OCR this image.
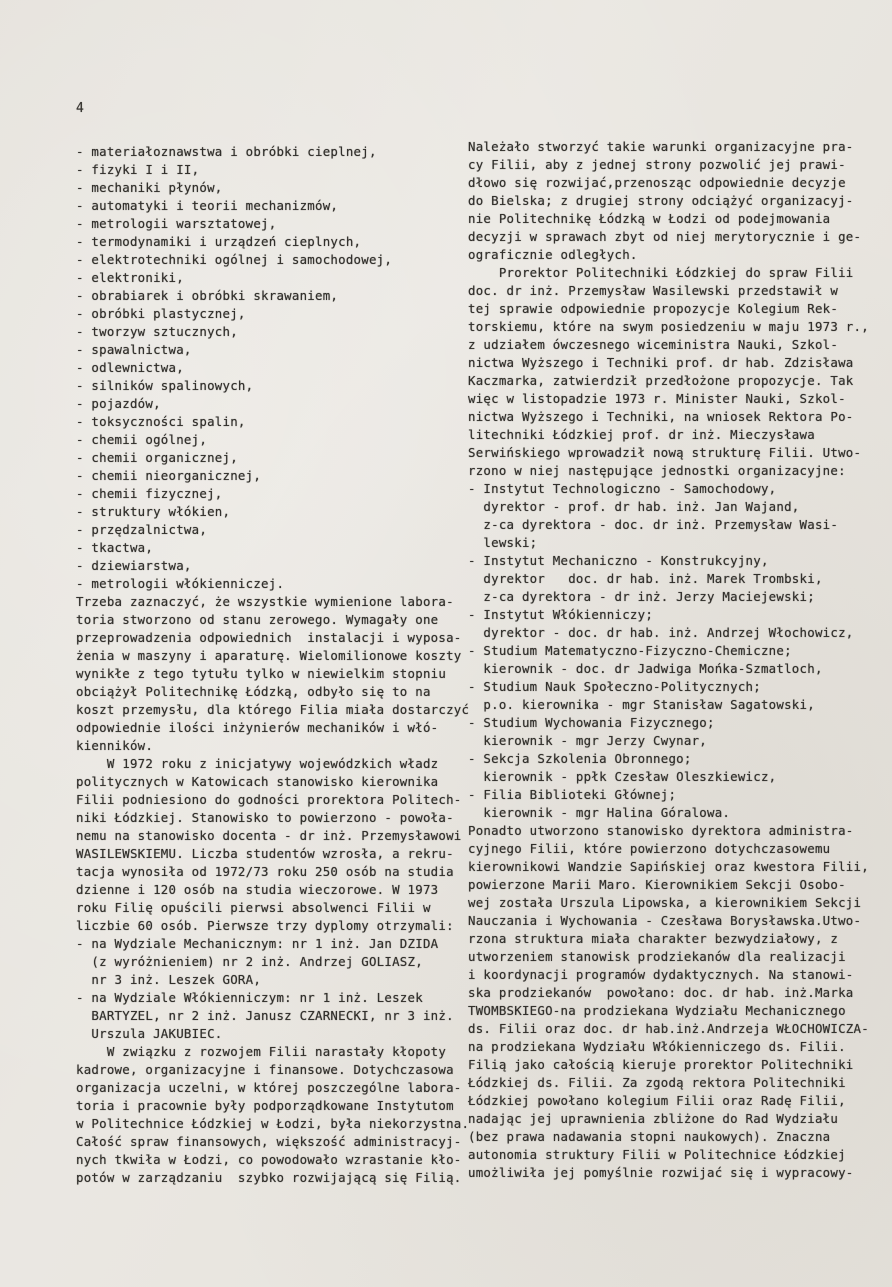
4
- materiałoznawstwa i obróbki cieplnej,
- fizyki I i II,
- mechaniki płynów,
- automatyki i teorii mechanizmów,
- metrologii warsztatowej,
- termodynamiki i urządzeń cieplnych,
- elektrotechniki ogólnej i samochodowej,
- elektroniki,
- obrabiarek i obróbki skrawaniem,
- obróbki plastycznej,
- tworzyw sztucznych,
- spawalnictwa,
- odlewnictwa,
- silników spalinowych,
- pojazdów,
- toksyczności spalin,
- chemii ogólnej,
- chemii organicznej,
- chemii nieorganicznej,
- chemii fizycznej,
- struktury włókien,
- przędzalnictwa,
- tkactwa,
- dziewiarstwa,
- metrologii włókienniczej.
Trzeba zaznaczyć, że wszystkie wymienione labora-
toria stworzono od stanu zerowego. Wymagały one
przeprowadzenia odpowiednich  instalacji i wyposa-
żenia w maszyny i aparaturę. Wielomilionowe koszty
wynikłe z tego tytułu tylko w niewielkim stopniu
obciążył Politechnikę Łódzką, odbyło się to na
koszt przemysłu, dla którego Filia miała dostarczyć
odpowiednie ilości inżynierów mechaników i włó-
kienników.
W 1972 roku z inicjatywy wojewódzkich władz
politycznych w Katowicach stanowisko kierownika
Filii podniesiono do godności prorektora Politech-
niki Łódzkiej. Stanowisko to powierzono - powoła-
nemu na stanowisko docenta - dr inż. Przemysławowi
WASILEWSKIEMU. Liczba studentów wzrosła, a rekru-
tacja wynosiła od 1972/73 roku 250 osób na studia
dzienne i 120 osób na studia wieczorowe. W 1973
roku Filię opuścili pierwsi absolwenci Filii w
liczbie 60 osób. Pierwsze trzy dyplomy otrzymali:
- na Wydziale Mechanicznym: nr 1 inż. Jan DZIDA
(z wyróżnieniem) nr 2 inż. Andrzej GOLIASZ,
nr 3 inż. Leszek GORA,
- na Wydziale Włókienniczym: nr 1 inż. Leszek
BARTYZEL, nr 2 inż. Janusz CZARNECKI, nr 3 inż.
Urszula JAKUBIEC.
W związku z rozwojem Filii narastały kłopoty
kadrowe, organizacyjne i finansowe. Dotychczasowa
organizacja uczelni, w której poszczególne labora-
toria i pracownie były podporządkowane Instytutom
w Politechnice Łódzkiej w Łodzi, była niekorzystna.
Całość spraw finansowych, większość administracyj-
nych tkwiła w Łodzi, co powodowało wzrastanie kło-
potów w zarządzaniu  szybko rozwijającą się Filią.
Należało stworzyć takie warunki organizacyjne pra-
cy Filii, aby z jednej strony pozwolić jej prawi-
dłowo się rozwijać,przenosząc odpowiednie decyzje
do Bielska; z drugiej strony odciążyć organizacyj-
nie Politechnikę Łódzką w Łodzi od podejmowania
decyzji w sprawach zbyt od niej merytorycznie i ge-
ograficznie odległych.
Prorektor Politechniki Łódzkiej do spraw Filii
doc. dr inż. Przemysław Wasilewski przedstawił w
tej sprawie odpowiednie propozycje Kolegium Rek-
torskiemu, które na swym posiedzeniu w maju 1973 r.,
z udziałem ówczesnego wiceministra Nauki, Szkol-
nictwa Wyższego i Techniki prof. dr hab. Zdzisława
Kaczmarka, zatwierdził przedłożone propozycje. Tak
więc w listopadzie 1973 r. Minister Nauki, Szkol-
nictwa Wyższego i Techniki, na wniosek Rektora Po-
litechniki Łódzkiej prof. dr inż. Mieczysława
Serwińskiego wprowadził nową strukturę Filii. Utwo-
rzono w niej następujące jednostki organizacyjne:
- Instytut Technologiczno - Samochodowy,
dyrektor - prof. dr hab. inż. Jan Wajand,
z-ca dyrektora - doc. dr inż. Przemysław Wasi-
lewski;
- Instytut Mechaniczno - Konstrukcyjny,
dyrektor   doc. dr hab. inż. Marek Trombski,
z-ca dyrektora - dr inż. Jerzy Maciejewski;
- Instytut Włókienniczy;
dyrektor - doc. dr hab. inż. Andrzej Włochowicz,
- Studium Matematyczno-Fizyczno-Chemiczne;
kierownik - doc. dr Jadwiga Mońka-Szmatloch,
- Studium Nauk Społeczno-Politycznych;
p.o. kierownika - mgr Stanisław Sagatowski,
- Studium Wychowania Fizycznego;
kierownik - mgr Jerzy Cwynar,
- Sekcja Szkolenia Obronnego;
kierownik - ppłk Czesław Oleszkiewicz,
- Filia Biblioteki Głównej;
kierownik - mgr Halina Góralowa.
Ponadto utworzono stanowisko dyrektora administra-
cyjnego Filii, które powierzono dotychczasowemu
kierownikowi Wandzie Sapińskiej oraz kwestora Filii,
powierzone Marii Maro. Kierownikiem Sekcji Osobo-
wej została Urszula Lipowska, a kierownikiem Sekcji
Nauczania i Wychowania - Czesława Borysławska.Utwo-
rzona struktura miała charakter bezwydziałowy, z
utworzeniem stanowisk prodziekanów dla realizacji
i koordynacji programów dydaktycznych. Na stanowi-
ska prodziekanów  powołano: doc. dr hab. inż.Marka
TWOMBSKIEGO-na prodziekana Wydziału Mechanicznego
ds. Filii oraz doc. dr hab.inż.Andrzeja WŁOCHOWICZA-
na prodziekana Wydziału Włókienniczego ds. Filii.
Filią jako całością kieruje prorektor Politechniki
Łódzkiej ds. Filii. Za zgodą rektora Politechniki
Łódzkiej powołano kolegium Filii oraz Radę Filii,
nadając jej uprawnienia zbliżone do Rad Wydziału
(bez prawa nadawania stopni naukowych). Znaczna
autonomia struktury Filii w Politechnice Łódzkiej
umożliwiła jej pomyślnie rozwijać się i wypracowy-
